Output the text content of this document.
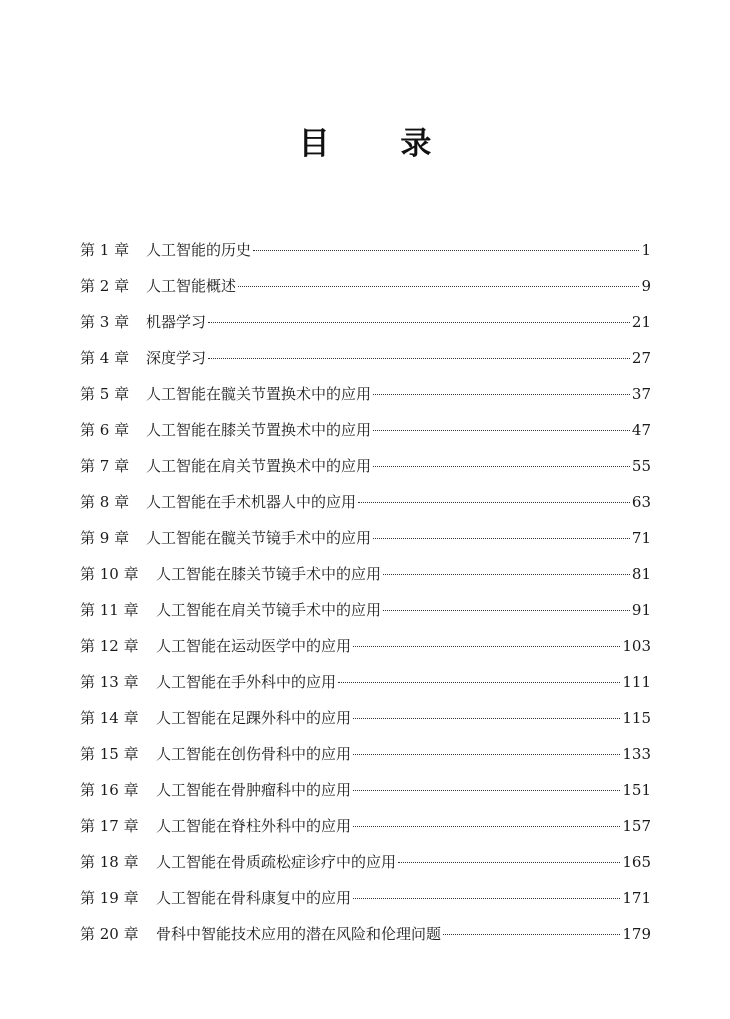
目 录
第 1 章	人工智能的历史	1
第 2 章	人工智能概述	9
第 3 章	机器学习	21
第 4 章	深度学习	27
第 5 章	人工智能在髋关节置换术中的应用	37
第 6 章	人工智能在膝关节置换术中的应用	47
第 7 章	人工智能在肩关节置换术中的应用	55
第 8 章	人工智能在手术机器人中的应用	63
第 9 章	人工智能在髋关节镜手术中的应用	71
第 10 章	人工智能在膝关节镜手术中的应用	81
第 11 章	人工智能在肩关节镜手术中的应用	91
第 12 章	人工智能在运动医学中的应用	103
第 13 章	人工智能在手外科中的应用	111
第 14 章	人工智能在足踝外科中的应用	115
第 15 章	人工智能在创伤骨科中的应用	133
第 16 章	人工智能在骨肿瘤科中的应用	151
第 17 章	人工智能在脊柱外科中的应用	157
第 18 章	人工智能在骨质疏松症诊疗中的应用	165
第 19 章	人工智能在骨科康复中的应用	171
第 20 章	骨科中智能技术应用的潜在风险和伦理问题	179
